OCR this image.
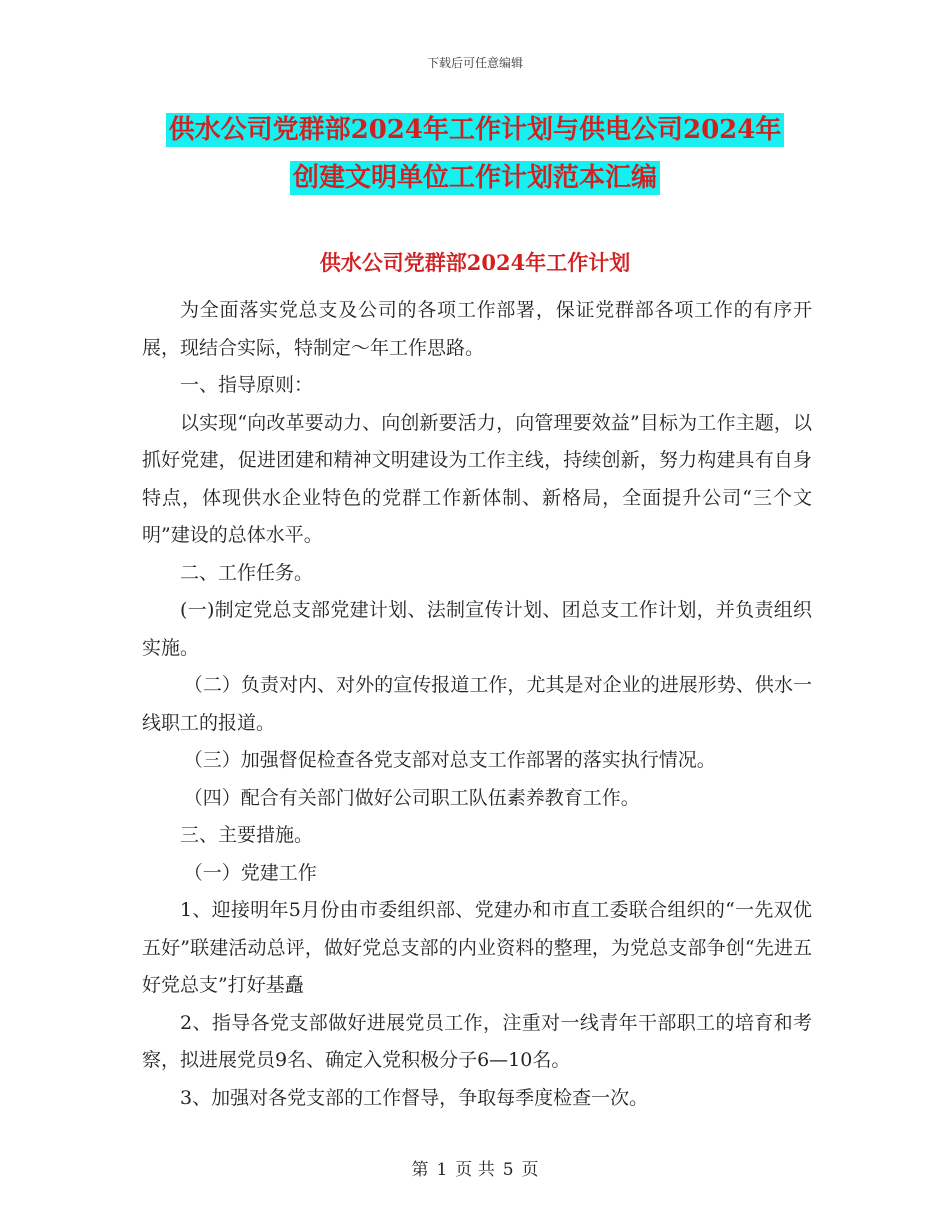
下载后可任意编辑
供水公司党群部2024年工作计划与供电公司2024年
创建文明单位工作计划范本汇编
供水公司党群部2024年工作计划

为全面落实党总支及公司的各项工作部署，保证党群部各项工作的有序开展，现结合实际，特制定～年工作思路。

一、指导原则：

以实现“向改革要动力、向创新要活力，向管理要效益”目标为工作主题，以抓好党建，促进团建和精神文明建设为工作主线，持续创新，努力构建具有自身特点，体现供水企业特色的党群工作新体制、新格局，全面提升公司“三个文明”建设的总体水平。

二、工作任务。

(一)制定党总支部党建计划、法制宣传计划、团总支工作计划，并负责组织实施。

（二）负责对内、对外的宣传报道工作，尤其是对企业的进展形势、供水一线职工的报道。

（三）加强督促检查各党支部对总支工作部署的落实执行情况。

（四）配合有关部门做好公司职工队伍素养教育工作。

三、主要措施。

（一）党建工作

1、迎接明年5月份由市委组织部、党建办和市直工委联合组织的“一先双优五好”联建活动总评，做好党总支部的内业资料的整理，为党总支部争创“先进五好党总支”打好基矗

2、指导各党支部做好进展党员工作，注重对一线青年干部职工的培育和考察，拟进展党员9名、确定入党积极分子6—10名。

3、加强对各党支部的工作督导，争取每季度检查一次。

第 1 页 共 5 页
